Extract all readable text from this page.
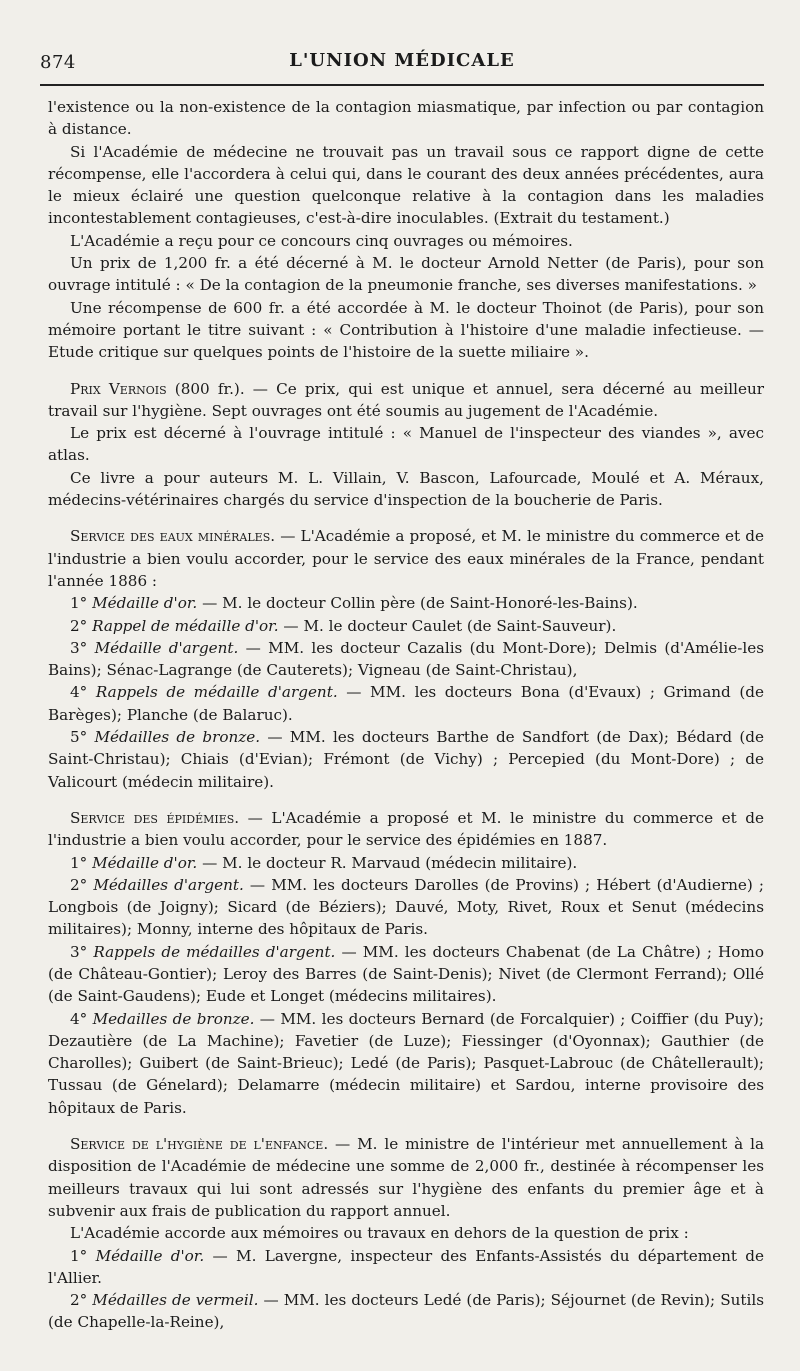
874	L'UNION MÉDICALE

l'existence ou la non-existence de la contagion miasmatique, par infection ou par contagion à distance.

Si l'Académie de médecine ne trouvait pas un travail sous ce rapport digne de cette récompense, elle l'accordera à celui qui, dans le courant des deux années précédentes, aura le mieux éclairé une question quelconque relative à la contagion dans les maladies incontestablement contagieuses, c'est-à-dire inoculables. (Extrait du testament.)

L'Académie a reçu pour ce concours cinq ouvrages ou mémoires.

Un prix de 1,200 fr. a été décerné à M. le docteur Arnold Netter (de Paris), pour son ouvrage intitulé : « De la contagion de la pneumonie franche, ses diverses manifestations. »

Une récompense de 600 fr. a été accordée à M. le docteur Thoinot (de Paris), pour son mémoire portant le titre suivant : « Contribution à l'histoire d'une maladie infectieuse. — Etude critique sur quelques points de l'histoire de la suette miliaire ».

Prix Vernois (800 fr.). — Ce prix, qui est unique et annuel, sera décerné au meilleur travail sur l'hygiène. Sept ouvrages ont été soumis au jugement de l'Académie.

Le prix est décerné à l'ouvrage intitulé : « Manuel de l'inspecteur des viandes », avec atlas.

Ce livre a pour auteurs M. L. Villain, V. Bascon, Lafourcade, Moulé et A. Méraux, médecins-vétérinaires chargés du service d'inspection de la boucherie de Paris.

Service des eaux minérales. — L'Académie a proposé, et M. le ministre du commerce et de l'industrie a bien voulu accorder, pour le service des eaux minérales de la France, pendant l'année 1886 :

1° Médaille d'or. — M. le docteur Collin père (de Saint-Honoré-les-Bains).

2° Rappel de médaille d'or. — M. le docteur Caulet (de Saint-Sauveur).

3° Médaille d'argent. — MM. les docteur Cazalis (du Mont-Dore); Delmis (d'Amélie-les Bains); Sénac-Lagrange (de Cauterets); Vigneau (de Saint-Christau),

4° Rappels de médaille d'argent. — MM. les docteurs Bona (d'Evaux) ; Grimand (de Barèges); Planche (de Balaruc).

5° Médailles de bronze. — MM. les docteurs Barthe de Sandfort (de Dax); Bédard (de Saint-Christau); Chiais (d'Evian); Frémont (de Vichy) ; Percepied (du Mont-Dore) ; de Valicourt (médecin militaire).

Service des épidémies. — L'Académie a proposé et M. le ministre du commerce et de l'industrie a bien voulu accorder, pour le service des épidémies en 1887.

1° Médaille d'or. — M. le docteur R. Marvaud (médecin militaire).

2° Médailles d'argent. — MM. les docteurs Darolles (de Provins) ; Hébert (d'Audierne) ; Longbois (de Joigny); Sicard (de Béziers); Dauvé, Moty, Rivet, Roux et Senut (médecins militaires); Monny, interne des hôpitaux de Paris.

3° Rappels de médailles d'argent. — MM. les docteurs Chabenat (de La Châtre) ; Homo (de Château-Gontier); Leroy des Barres (de Saint-Denis); Nivet (de Clermont Ferrand); Ollé (de Saint-Gaudens); Eude et Longet (médecins militaires).

4° Medailles de bronze. — MM. les docteurs Bernard (de Forcalquier) ; Coiffier (du Puy); Dezautière (de La Machine); Favetier (de Luze); Fiessinger (d'Oyonnax); Gauthier (de Charolles); Guibert (de Saint-Brieuc); Ledé (de Paris); Pasquet-Labrouc (de Châtellerault); Tussau (de Génelard); Delamarre (médecin militaire) et Sardou, interne provisoire des hôpitaux de Paris.

Service de l'hygiène de l'enfance. — M. le ministre de l'intérieur met annuellement à la disposition de l'Académie de médecine une somme de 2,000 fr., destinée à récompenser les meilleurs travaux qui lui sont adressés sur l'hygiène des enfants du premier âge et à subvenir aux frais de publication du rapport annuel.

L'Académie accorde aux mémoires ou travaux en dehors de la question de prix :

1° Médaille d'or. — M. Lavergne, inspecteur des Enfants-Assistés du département de l'Allier.

2° Médailles de vermeil. — MM. les docteurs Ledé (de Paris); Séjournet (de Revin); Sutils (de Chapelle-la-Reine),
